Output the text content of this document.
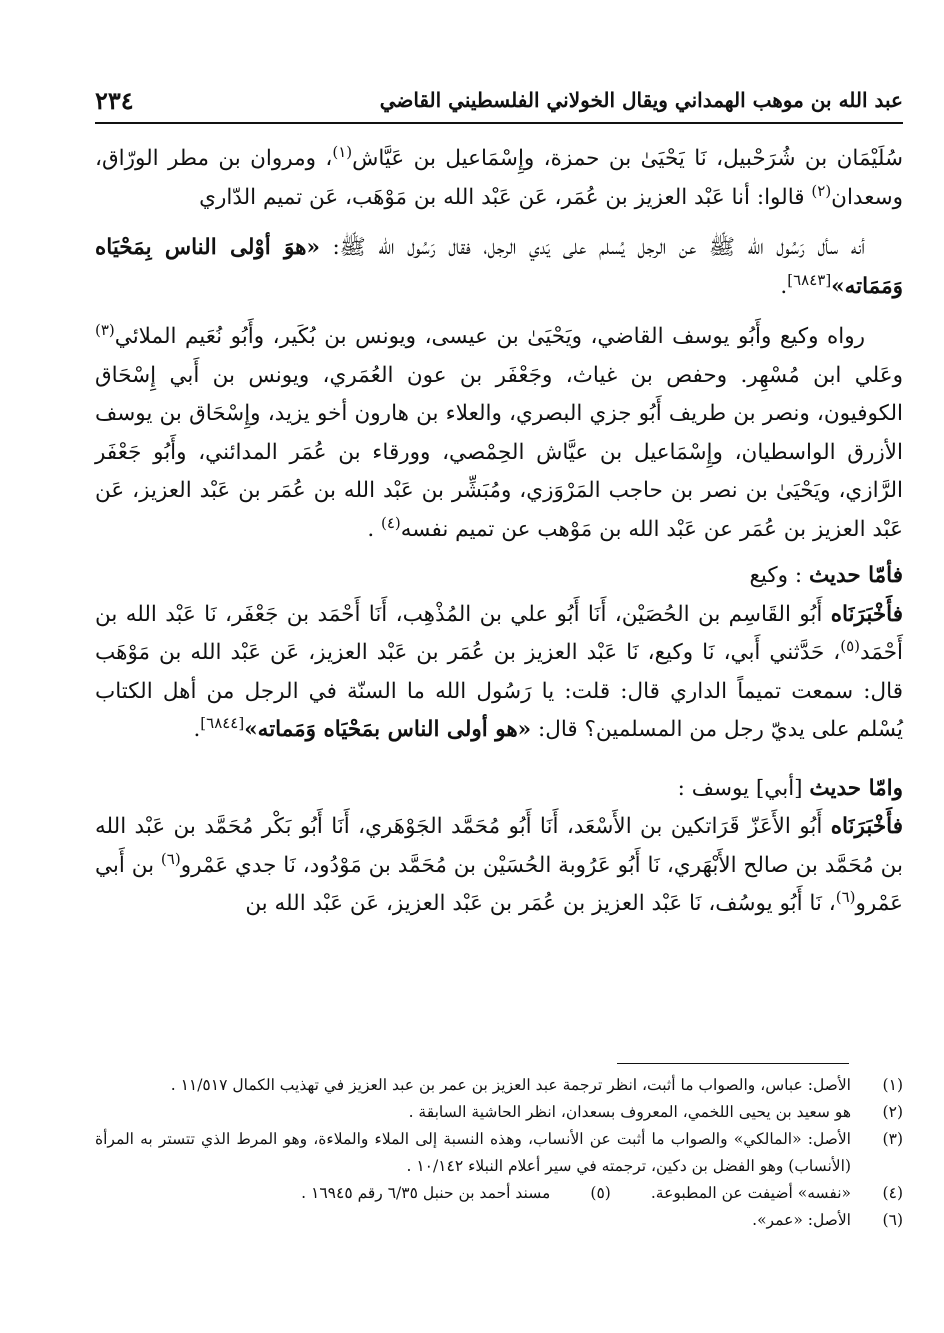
٢٣٤	عبد الله بن موهب الهمداني ويقال الخولاني الفلسطيني القاضي

سُلَيْمَان بن شُرَحْبيل، نَا يَحْيَىٰ بن حمزة، وإِسْمَاعيل بن عَيَّاش$^{(١)}$، ومروان بن مطر الورّاق، وسعدان$^{(٢)}$ قالوا: أنا عَبْد العزيز بن عُمَر، عَن عَبْد الله بن مَوْهَب، عَن تميم الدّاري

أنه سأل رَسُول الله ﷺ عن الرجل يُسلم على يَدي الرجل، فقال رَسُول الله ﷺ: «هوَ أوْلى الناس بِمَحْيَاه وَمَمَاته»[٦٨٤٣].

رواه وكيع وأَبُو يوسف القاضي، ويَحْيَىٰ بن عيسى، ويونس بن بُكَير، وأَبُو نُعَيم الملائي$^{(٣)}$ وعَلي ابن مُسْهِر. وحفص بن غياث، وجَعْفَر بن عون العُمَري، ويونس بن أَبي إِسْحَاق الكوفيون، ونصر بن طريف أَبُو جزي البصري، والعلاء بن هارون أخو يزيد، وإِسْحَاق بن يوسف الأزرق الواسطيان، وإِسْمَاعيل بن عيَّاش الحِمْصي، وورقاء بن عُمَر المدائني، وأَبُو جَعْفَر الرَّازي، ويَحْيَىٰ بن نصر بن حاجب المَرْوَزي، ومُبَشِّر بن عَبْد الله بن عُمَر بن عَبْد العزيز، عَن عَبْد العزيز بن عُمَر عن عَبْد الله بن مَوْهب عن تميم نفسه$^{(٤)}$ .

فأمّا حديث : وكيع

فأَخْبَرَنَاه أَبُو القَاسِم بن الحُصَيْن، أَنَا أَبُو علي بن المُذْهِب، أَنَا أَحْمَد بن جَعْفَر، نَا عَبْد الله بن أَحْمَد$^{(٥)}$، حَدَّثني أَبي، نَا وكيع، نَا عَبْد العزيز بن عُمَر بن عَبْد العزيز، عَن عَبْد الله بن مَوْهَب قال: سمعت تميماً الداري قال: قلت: يا رَسُول الله ما السنّة في الرجل من أهل الكتاب يُسْلم على يديّ رجل من المسلمين؟ قال: «هو أولى الناس بمَحْيَاه وَمَماته»[٦٨٤٤].

وامّا حديث [أبي] يوسف :

فأَخْبَرَنَاه أَبُو الأَعَزّ قَرَاتكين بن الأَسْعَد، أَنَا أَبُو مُحَمَّد الجَوْهَري، أَنَا أَبُو بَكْر مُحَمَّد بن عَبْد الله بن مُحَمَّد بن صالح الأَبْهَري، نَا أَبُو عَرُوبة الحُسَيْن بن مُحَمَّد بن مَوْدُود، نَا جدي عَمْرو$^{(٦)}$ بن أَبي عَمْرو$^{(٦)}$، نَا أَبُو يوسُف، نَا عَبْد العزيز بن عُمَر بن عَبْد العزيز، عَن عَبْد الله بن

(١)
الأصل: عباس، والصواب ما أثبت، انظر ترجمة عبد العزيز بن عمر بن عبد العزيز في تهذيب الكمال ١١/٥١٧ .
(٢)
هو سعيد بن يحيى اللخمي، المعروف بسعدان، انظر الحاشية السابقة .
(٣)
الأصل: «المالكي» والصواب ما أثبت عن الأنساب، وهذه النسبة إلى الملاء والملاءة، وهو المرط الذي تتستر به المرأة (الأنساب) وهو الفضل بن دكين، ترجمته في سير أعلام النبلاء ١٠/١٤٢ .
(٤)
«نفسه» أضيفت عن المطبوعة.
(٥)
مسند أحمد بن حنبل ٦/٣٥ رقم ١٦٩٤٥ .
(٦)
الأصل: «عمر».
